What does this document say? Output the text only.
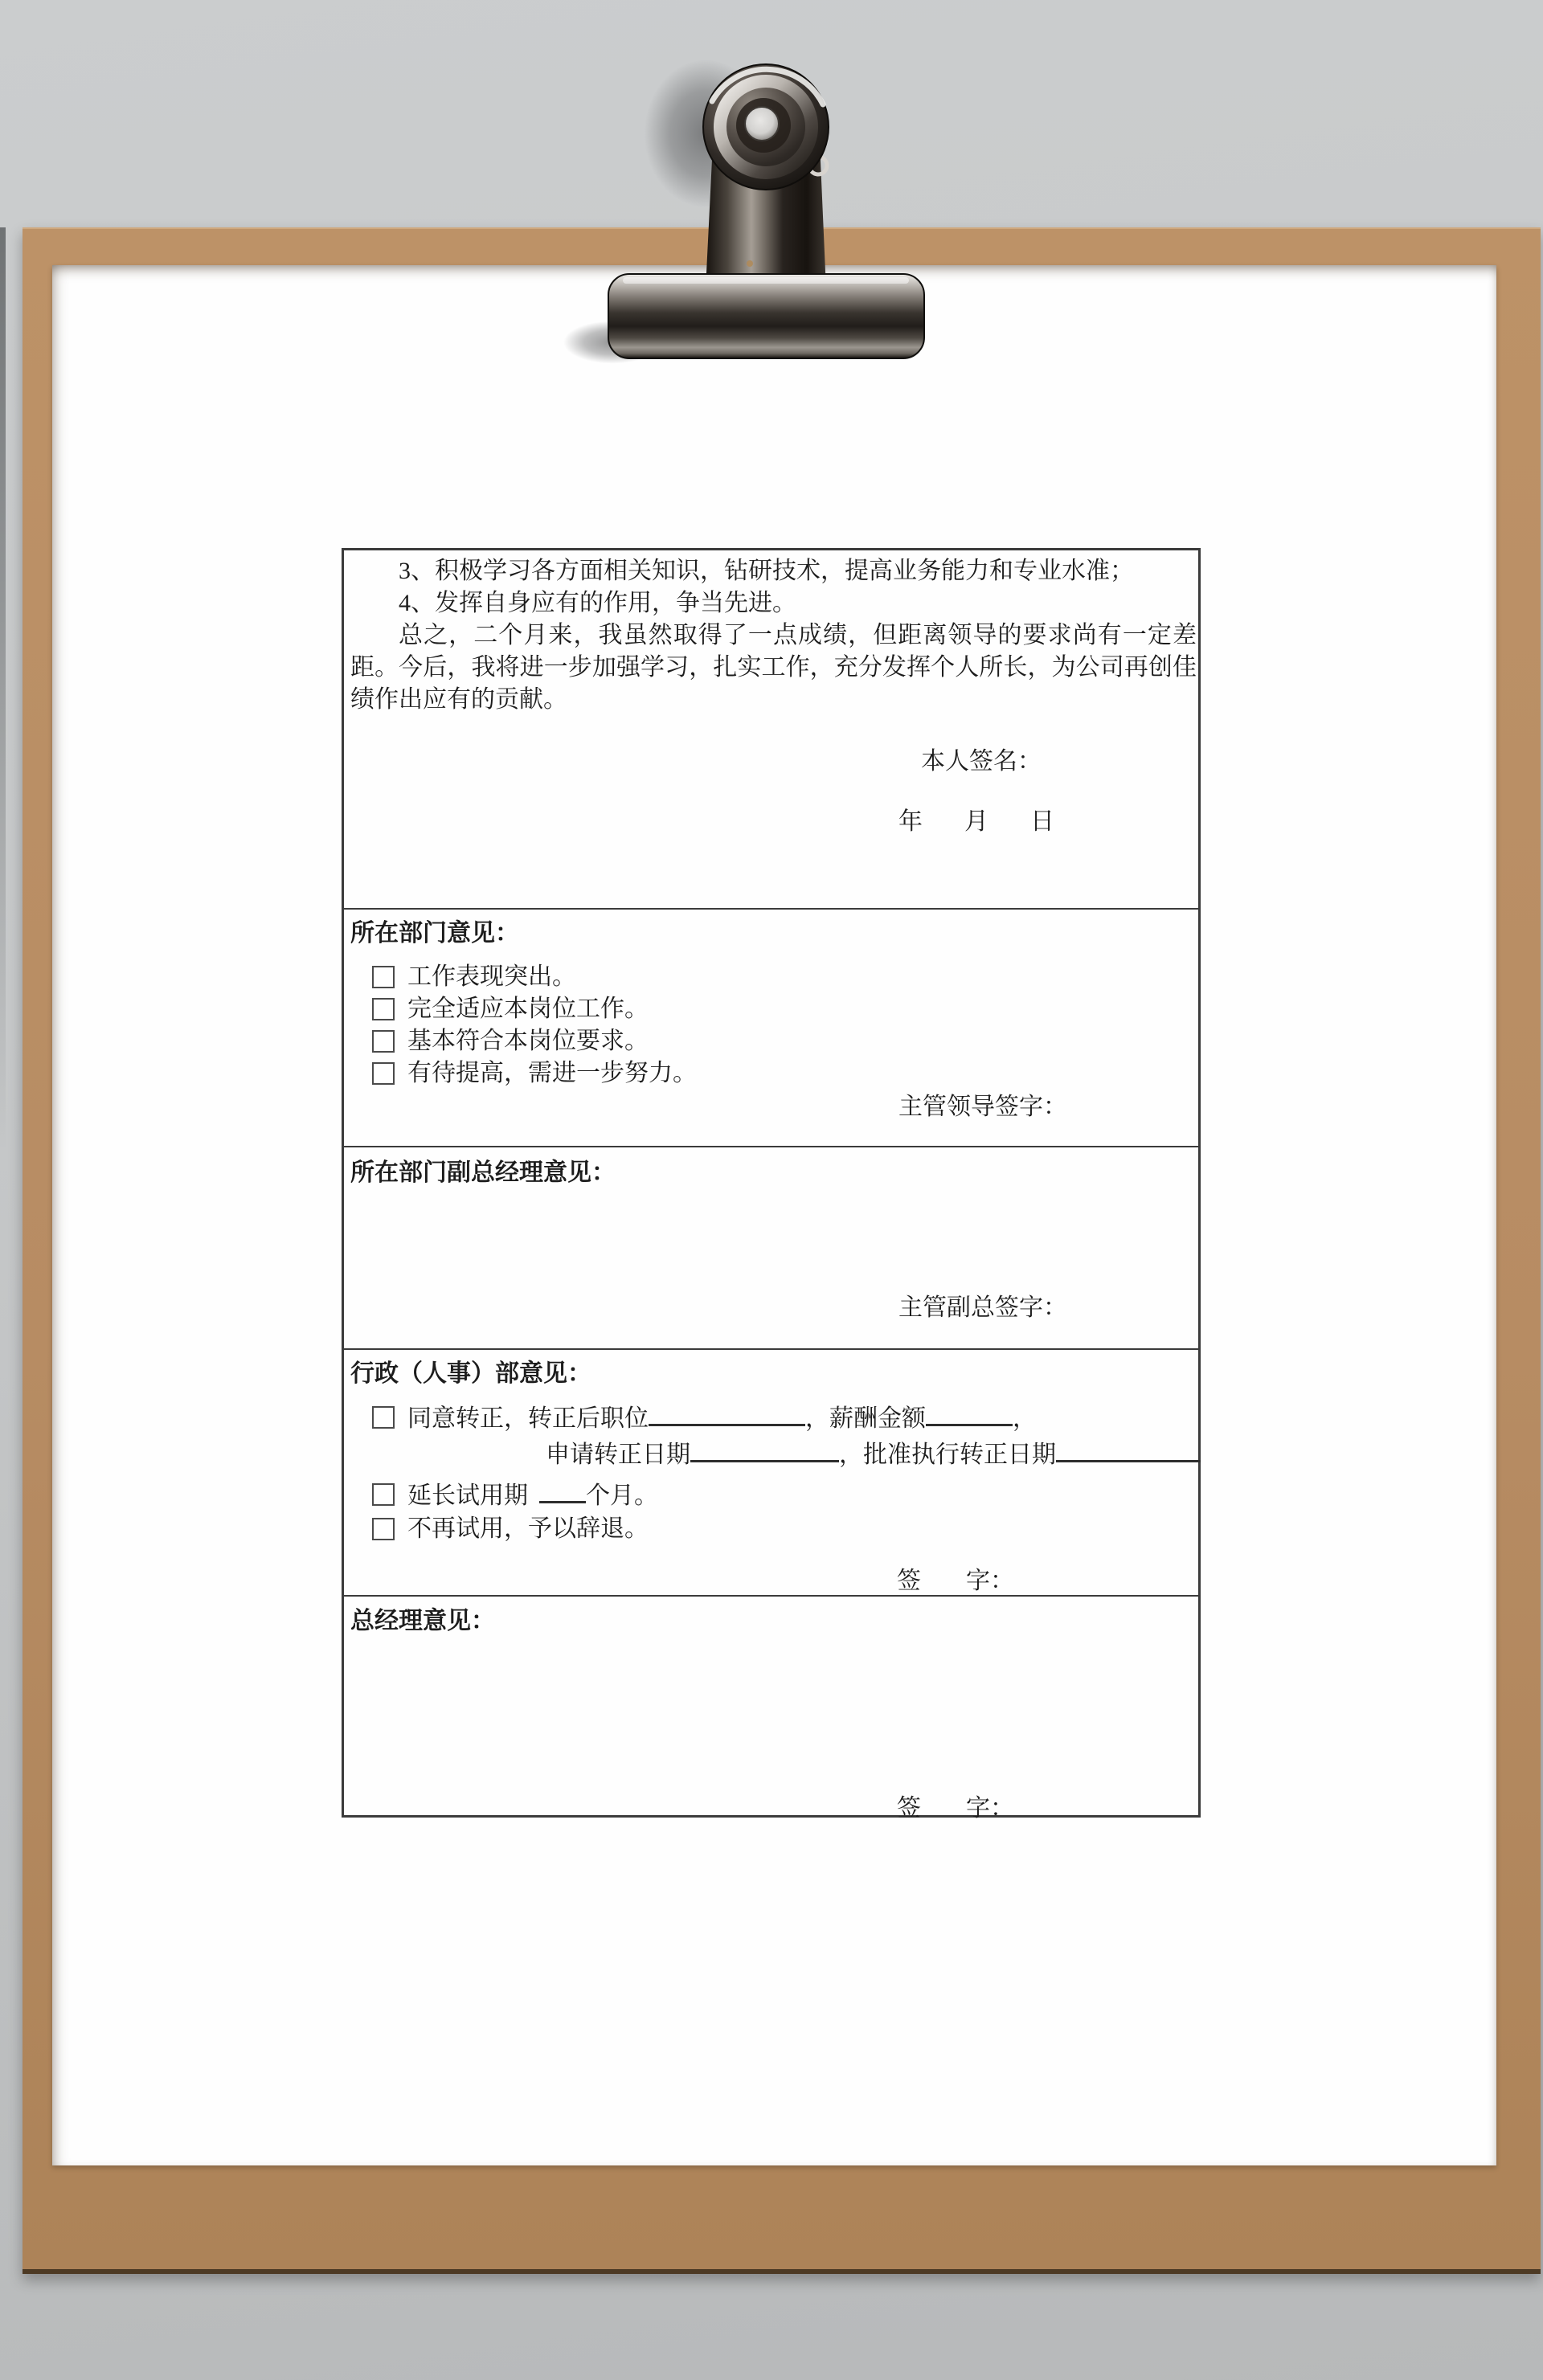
3、积极学习各方面相关知识，钻研技术，提高业务能力和专业水准；

4、发挥自身应有的作用，争当先进。

总之，二个月来，我虽然取得了一点成绩，但距离领导的要求尚有一定差距。今后，我将进一步加强学习，扎实工作，充分发挥个人所长，为公司再创佳绩作出应有的贡献。

本人签名：
年 月 日
所在部门意见：
工作表现突出。
完全适应本岗位工作。
基本符合本岗位要求。
有待提高，需进一步努力。
主管领导签字：
所在部门副总经理意见：
主管副总签字：
行政（人事）部意见：
同意转正，转正后职位	，薪酬金额	，
申请转正日期	，批准执行转正日期
延长试用期 个月。
不再试用，予以辞退。
签 字：
总经理意见：
签 字：
